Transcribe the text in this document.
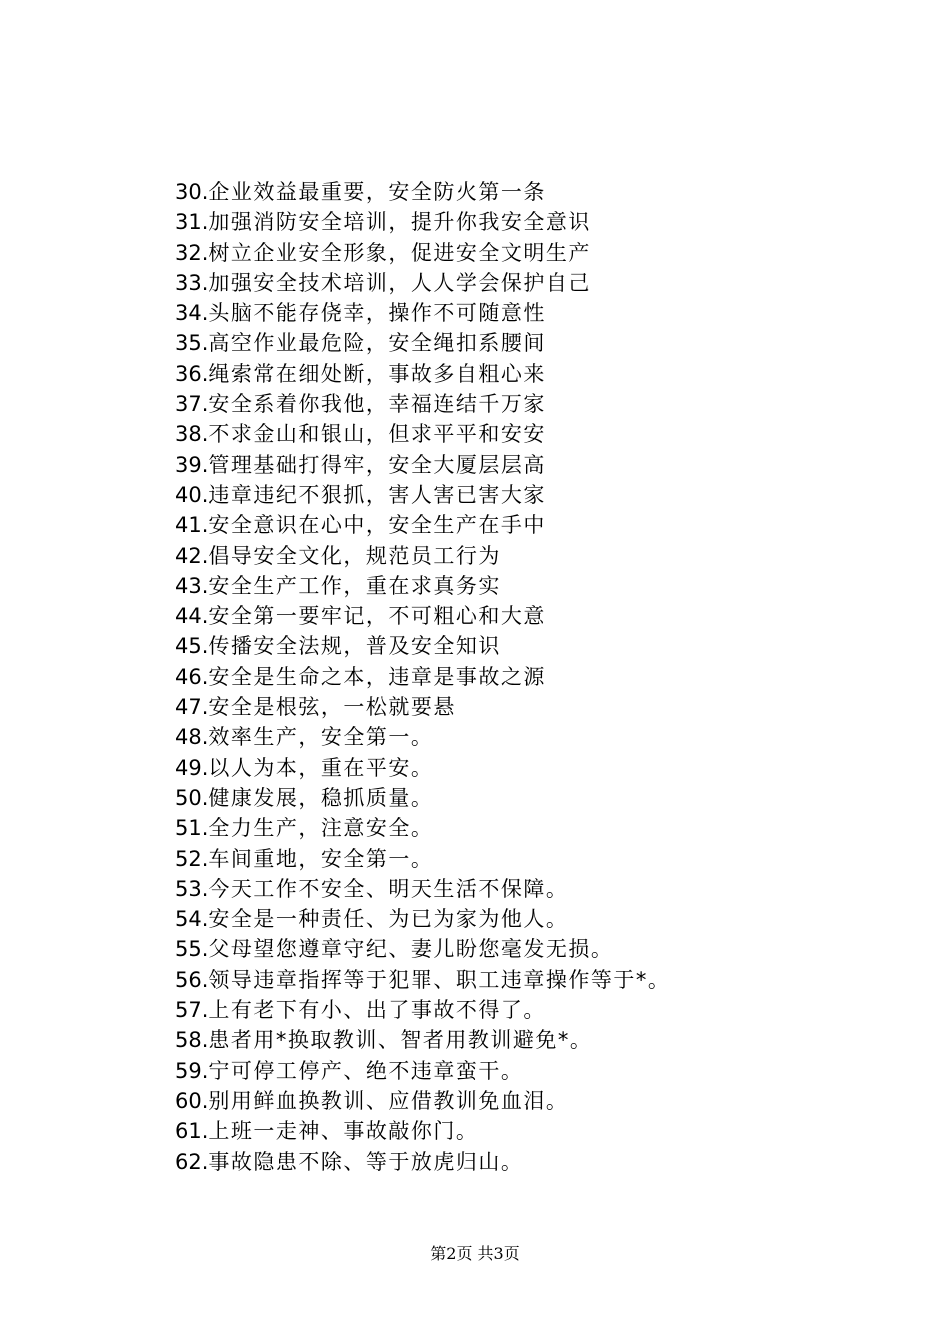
30.企业效益最重要，安全防火第一条
31.加强消防安全培训，提升你我安全意识
32.树立企业安全形象，促进安全文明生产
33.加强安全技术培训，人人学会保护自己
34.头脑不能存侥幸，操作不可随意性
35.高空作业最危险，安全绳扣系腰间
36.绳索常在细处断，事故多自粗心来
37.安全系着你我他，幸福连结千万家
38.不求金山和银山，但求平平和安安
39.管理基础打得牢，安全大厦层层高
40.违章违纪不狠抓，害人害已害大家
41.安全意识在心中，安全生产在手中
42.倡导安全文化，规范员工行为
43.安全生产工作，重在求真务实
44.安全第一要牢记，不可粗心和大意
45.传播安全法规，普及安全知识
46.安全是生命之本，违章是事故之源
47.安全是根弦，一松就要悬
48.效率生产，安全第一。
49.以人为本，重在平安。
50.健康发展，稳抓质量。
51.全力生产，注意安全。
52.车间重地，安全第一。
53.今天工作不安全、明天生活不保障。
54.安全是一种责任、为已为家为他人。
55.父母望您遵章守纪、妻儿盼您毫发无损。
56.领导违章指挥等于犯罪、职工违章操作等于*。
57.上有老下有小、出了事故不得了。
58.患者用*换取教训、智者用教训避免*。
59.宁可停工停产、绝不违章蛮干。
60.别用鲜血换教训、应借教训免血泪。
61.上班一走神、事故敲你门。
62.事故隐患不除、等于放虎归山。
第2页 共3页
